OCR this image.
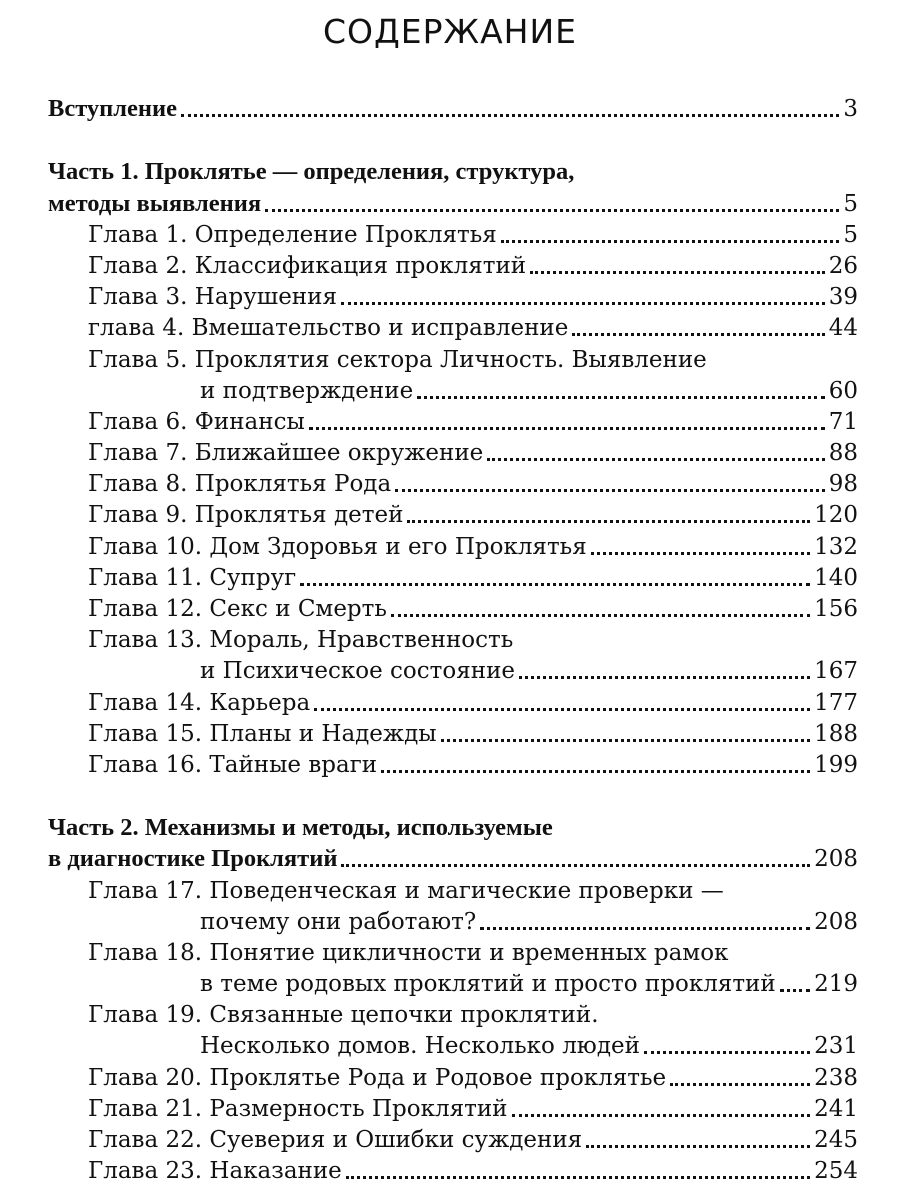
СОДЕРЖАНИЕ
Вступление	3
Часть 1. Проклятье — определения, структура,
методы выявления	5
Глава 1. Определение Проклятья	5
Глава 2. Классификация проклятий	26
Глава 3. Нарушения	39
глава 4. Вмешательство и исправление	44
Глава 5. Проклятия сектора Личность. Выявление
и подтверждение	60
Глава 6. Финансы	71
Глава 7. Ближайшее окружение	88
Глава 8. Проклятья Рода	98
Глава 9. Проклятья детей	120
Глава 10. Дом Здоровья и его Проклятья	132
Глава 11. Супруг	140
Глава 12. Секс и Смерть	156
Глава 13. Мораль, Нравственность
и Психическое состояние	167
Глава 14. Карьера	177
Глава 15. Планы и Надежды	188
Глава 16. Тайные враги	199
Часть 2. Механизмы и методы, используемые
в диагностике Проклятий	208
Глава 17. Поведенческая и магические проверки —
почему они работают?	208
Глава 18. Понятие цикличности и временных рамок
в теме родовых проклятий и просто проклятий 219
Глава 19. Связанные цепочки проклятий.
Несколько домов. Несколько людей	231
Глава 20. Проклятье Рода и Родовое проклятье	238
Глава 21. Размерность Проклятий	241
Глава 22. Суеверия и Ошибки суждения	245
Глава 23. Наказание	254
